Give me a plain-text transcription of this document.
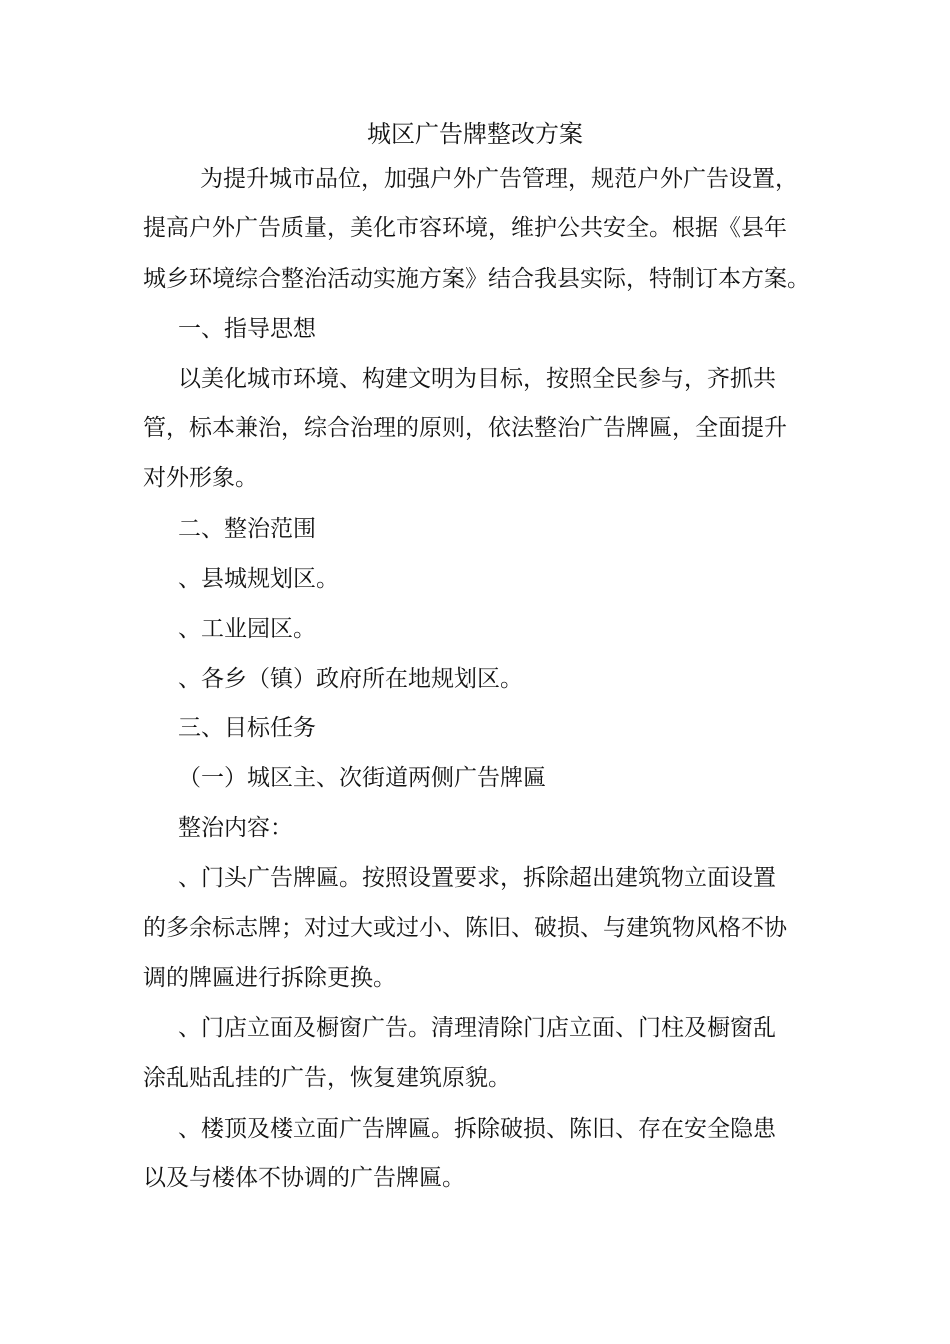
城区广告牌整改方案
为提升城市品位，加强户外广告管理，规范户外广告设置，
提高户外广告质量，美化市容环境，维护公共安全。根据《县年
城乡环境综合整治活动实施方案》结合我县实际，特制订本方案。
一、指导思想
以美化城市环境、构建文明为目标，按照全民参与，齐抓共
管，标本兼治，综合治理的原则，依法整治广告牌匾，全面提升
对外形象。
二、整治范围
、县城规划区。
、工业园区。
、各乡（镇）政府所在地规划区。
三、目标任务
（一）城区主、次街道两侧广告牌匾
整治内容：
、门头广告牌匾。按照设置要求，拆除超出建筑物立面设置
的多余标志牌；对过大或过小、陈旧、破损、与建筑物风格不协
调的牌匾进行拆除更换。
、门店立面及橱窗广告。清理清除门店立面、门柱及橱窗乱
涂乱贴乱挂的广告，恢复建筑原貌。
、楼顶及楼立面广告牌匾。拆除破损、陈旧、存在安全隐患
以及与楼体不协调的广告牌匾。
